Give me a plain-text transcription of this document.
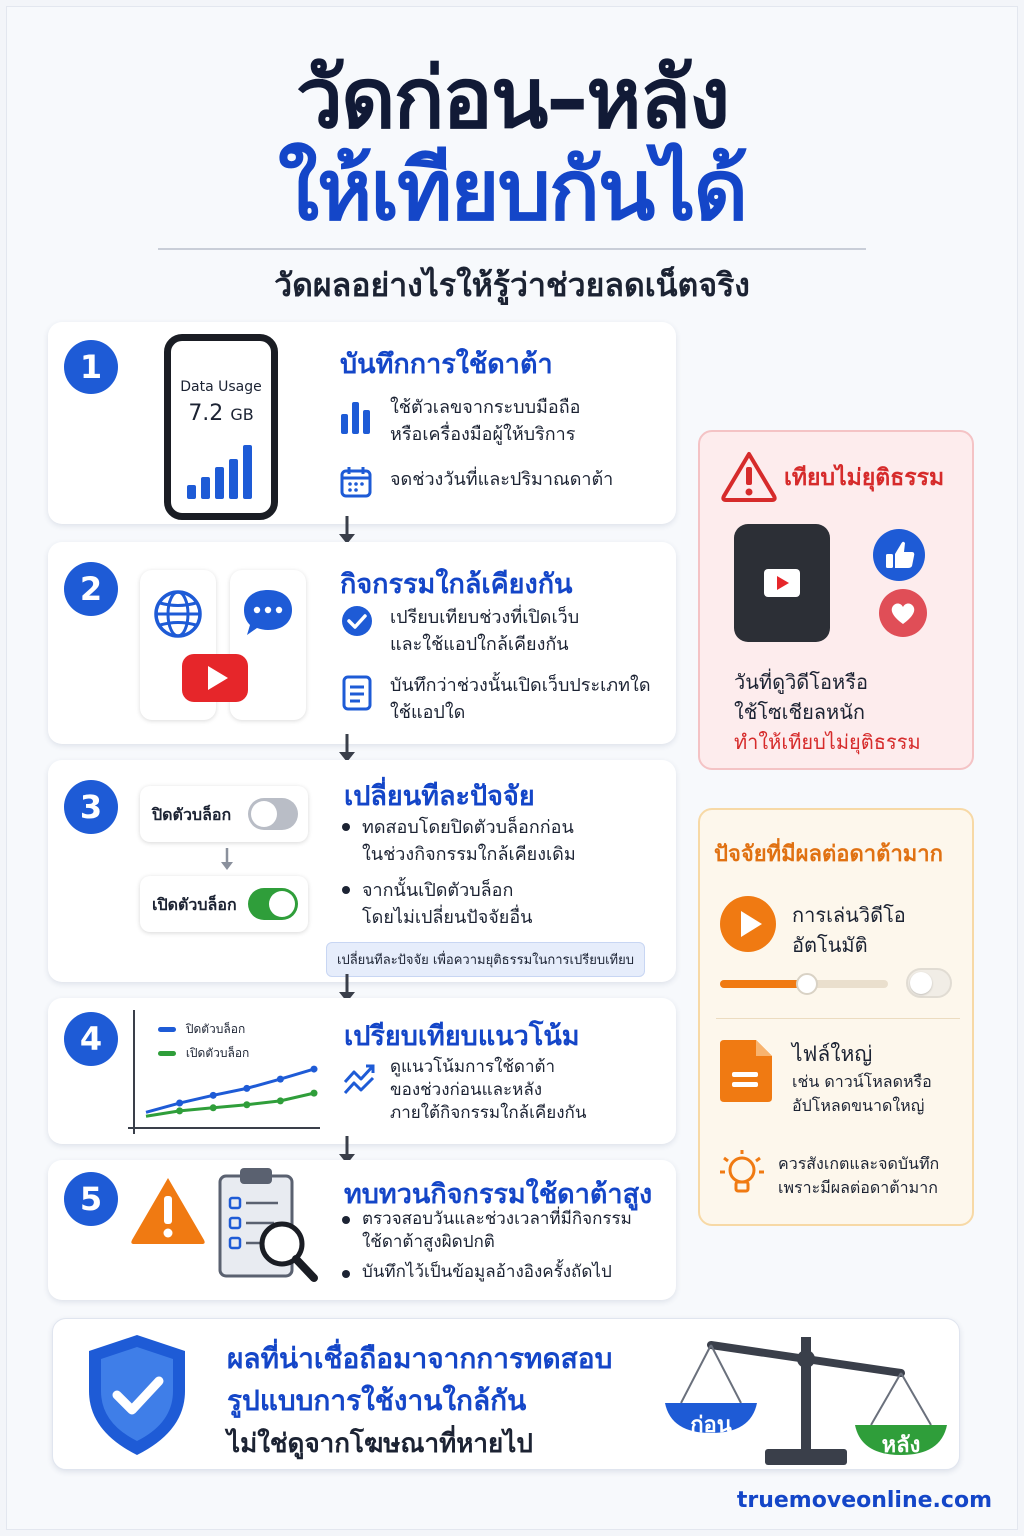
วัดก่อน–หลัง
ให้เทียบกันได้
วัดผลอย่างไรให้รู้ว่าช่วยลดเน็ตจริง
1
Data Usage
7.2 GB
บันทึกการใช้ดาต้า
ใช้ตัวเลขจากระบบมือถือ
หรือเครื่องมือผู้ให้บริการ
จดช่วงวันที่และปริมาณดาต้า
2	กิจกรรมใกล้เคียงกัน
เปรียบเทียบช่วงที่เปิดเว็บ
และใช้แอปใกล้เคียงกัน
บันทึกว่าช่วงนั้นเปิดเว็บประเภทใด
ใช้แอปใด
3	ปิดตัวบล็อก
เปิดตัวบล็อก
เปลี่ยนทีละปัจจัย
ทดสอบโดยปิดตัวบล็อกก่อน
ในช่วงกิจกรรมใกล้เคียงเดิม
จากนั้นเปิดตัวบล็อก
โดยไม่เปลี่ยนปัจจัยอื่น
เปลี่ยนทีละปัจจัย เพื่อความยุติธรรมในการเปรียบเทียบ
4	ปิดตัวบล็อก
เปิดตัวบล็อก
เปรียบเทียบแนวโน้ม
ดูแนวโน้มการใช้ดาต้า
ของช่วงก่อนและหลัง
ภายใต้กิจกรรมใกล้เคียงกัน
5	ทบทวนกิจกรรมใช้ดาต้าสูง
ตรวจสอบวันและช่วงเวลาที่มีกิจกรรม
ใช้ดาต้าสูงผิดปกติ
บันทึกไว้เป็นข้อมูลอ้างอิงครั้งถัดไป
เทียบไม่ยุติธรรม
วันที่ดูวิดีโอหรือ
ใช้โซเชียลหนัก
ทำให้เทียบไม่ยุติธรรม
ปัจจัยที่มีผลต่อดาต้ามาก
การเล่นวิดีโอ
อัตโนมัติ
ไฟล์ใหญ่
เช่น ดาวน์โหลดหรือ
อัปโหลดขนาดใหญ่
ควรสังเกตและจดบันทึก
เพราะมีผลต่อดาต้ามาก
ผลที่น่าเชื่อถือมาจากการทดสอบ
รูปแบบการใช้งานใกล้กัน
ไม่ใช่ดูจากโฆษณาที่หายไป
ก่อน
หลัง
truemoveonline.com
